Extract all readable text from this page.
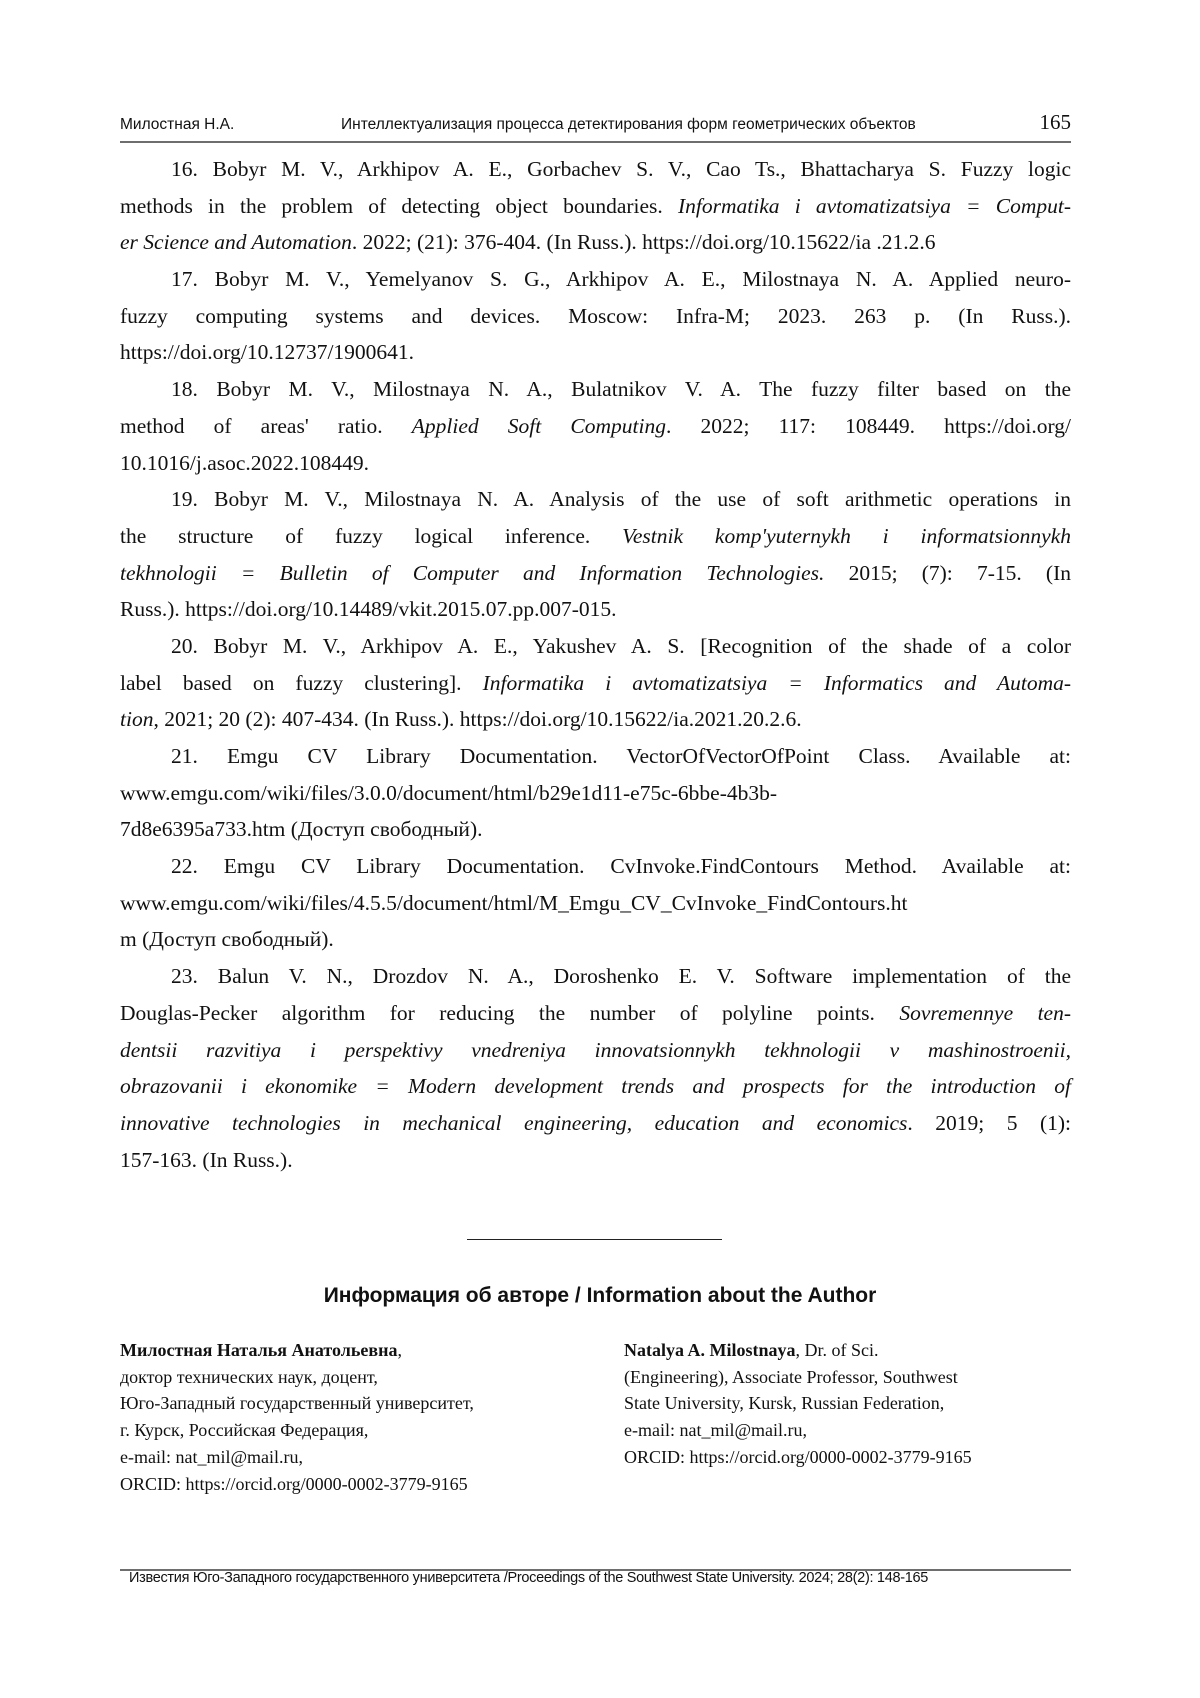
Милостная Н.А.	Интеллектуализация процесса детектирования форм геометрических объектов	165
16. Bobyr M. V., Arkhipov A. E., Gorbachev S. V., Cao Ts., Bhattacharya S. Fuzzy logic
methods in the problem of detecting object boundaries. Informatika i avtomatizatsiya = Comput-
er Science and Automation. 2022; (21): 376-404. (In Russ.). https://doi.org/10.15622/ia .21.2.6
17. Bobyr M. V., Yemelyanov S. G., Arkhipov A. E., Milostnaya N. A. Applied neuro-
fuzzy computing systems and devices. Moscow: Infra-M; 2023. 263 p. (In Russ.).
https://doi.org/10.12737/1900641.
18. Bobyr M. V., Milostnaya N. A., Bulatnikov V. A. The fuzzy filter based on the
method of areas' ratio. Applied Soft Computing. 2022; 117: 108449. https://doi.org/
10.1016/j.asoc.2022.108449.
19. Bobyr M. V., Milostnaya N. A. Analysis of the use of soft arithmetic operations in
the structure of fuzzy logical inference. Vestnik komp'yuternykh i informatsionnykh
tekhnologii = Bulletin of Computer and Information Technologies. 2015; (7): 7-15. (In
Russ.). https://doi.org/10.14489/vkit.2015.07.pp.007-015.
20. Bobyr M. V., Arkhipov A. E., Yakushev A. S. [Recognition of the shade of a color
label based on fuzzy clustering]. Informatika i avtomatizatsiya = Informatics and Automa-
tion, 2021; 20 (2): 407-434. (In Russ.). https://doi.org/10.15622/ia.2021.20.2.6.
21. Emgu CV Library Documentation. VectorOfVectorOfPoint Class. Available at:
www.emgu.com/wiki/files/3.0.0/document/html/b29e1d11-e75c-6bbe-4b3b-
7d8e6395a733.htm (Доступ свободный).
22. Emgu CV Library Documentation. CvInvoke.FindContours Method. Available at:
www.emgu.com/wiki/files/4.5.5/document/html/M_Emgu_CV_CvInvoke_FindContours.ht
m (Доступ свободный).
23. Balun V. N., Drozdov N. A., Doroshenko E. V. Software implementation of the
Douglas-Pecker algorithm for reducing the number of polyline points. Sovremennye ten-
dentsii razvitiya i perspektivy vnedreniya innovatsionnykh tekhnologii v mashinostroenii,
obrazovanii i ekonomike = Modern development trends and prospects for the introduction of
innovative technologies in mechanical engineering, education and economics. 2019; 5 (1):
157-163. (In Russ.).
Информация об авторе / Information about the Author
Милостная Наталья Анатольевна,
доктор технических наук, доцент,
Юго-Западный государственный университет,
г. Курск, Российская Федерация,
e-mail: nat_mil@mail.ru,
ORCID: https://orcid.org/0000-0002-3779-9165
Natalya A. Milostnaya, Dr. of Sci.
(Engineering), Associate Professor, Southwest
State University, Kursk, Russian Federation,
e-mail: nat_mil@mail.ru,
ORCID: https://orcid.org/0000-0002-3779-9165
Известия Юго-Западного государственного университета /Proceedings of the Southwest State University. 2024; 28(2): 148-165
